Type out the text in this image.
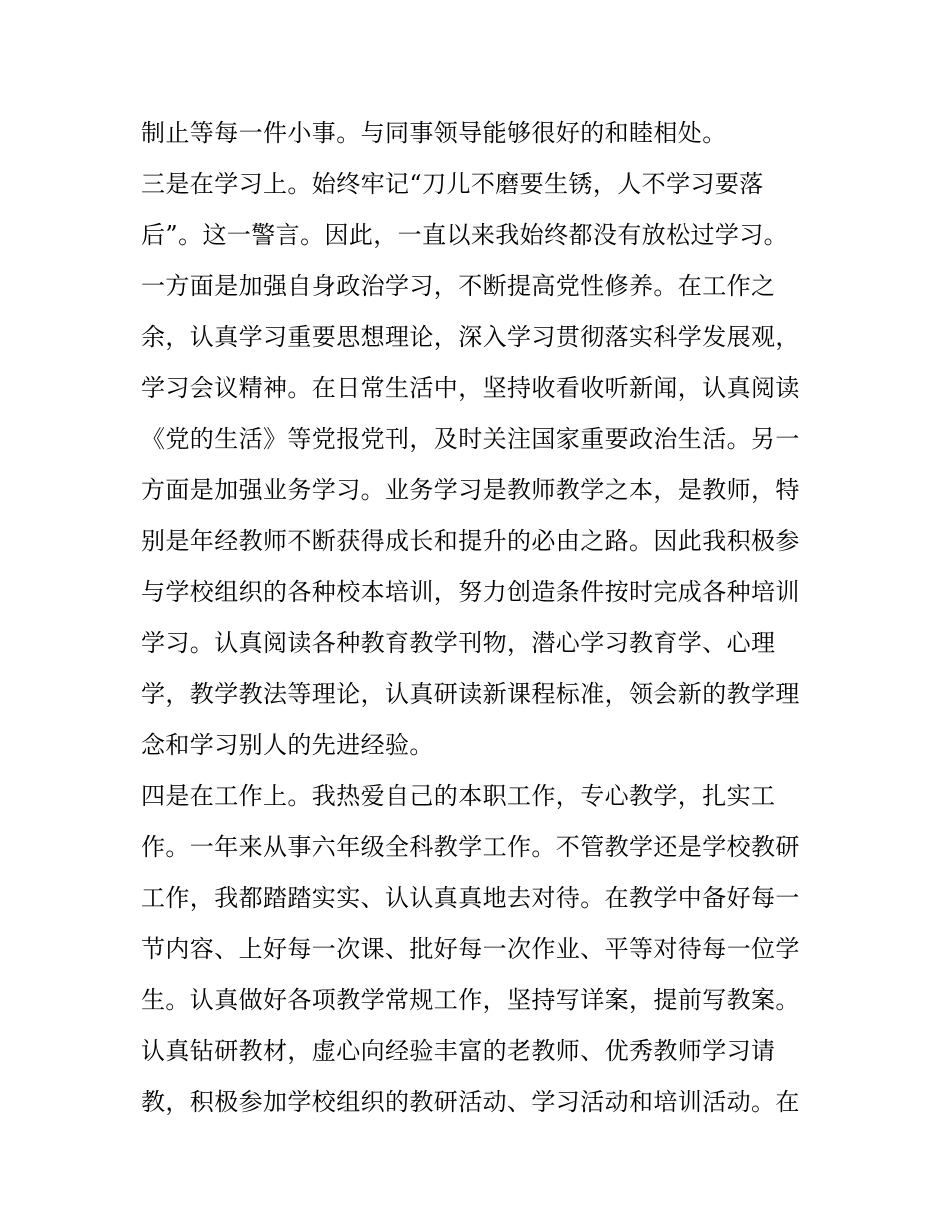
制止等每一件小事。与同事领导能够很好的和睦相处。
三是在学习上。始终牢记“刀儿不磨要生锈，人不学习要落
后”。这一警言。因此，一直以来我始终都没有放松过学习。
一方面是加强自身政治学习，不断提高党性修养。在工作之
余，认真学习重要思想理论，深入学习贯彻落实科学发展观，
学习会议精神。在日常生活中，坚持收看收听新闻，认真阅读
《党的生活》等党报党刊，及时关注国家重要政治生活。另一
方面是加强业务学习。业务学习是教师教学之本，是教师，特
别是年经教师不断获得成长和提升的必由之路。因此我积极参
与学校组织的各种校本培训，努力创造条件按时完成各种培训
学习。认真阅读各种教育教学刊物，潜心学习教育学、心理
学，教学教法等理论，认真研读新课程标准，领会新的教学理
念和学习别人的先进经验。
四是在工作上。我热爱自己的本职工作，专心教学，扎实工
作。一年来从事六年级全科教学工作。不管教学还是学校教研
工作，我都踏踏实实、认认真真地去对待。在教学中备好每一
节内容、上好每一次课、批好每一次作业、平等对待每一位学
生。认真做好各项教学常规工作，坚持写详案，提前写教案。
认真钻研教材，虚心向经验丰富的老教师、优秀教师学习请
教，积极参加学校组织的教研活动、学习活动和培训活动。在
